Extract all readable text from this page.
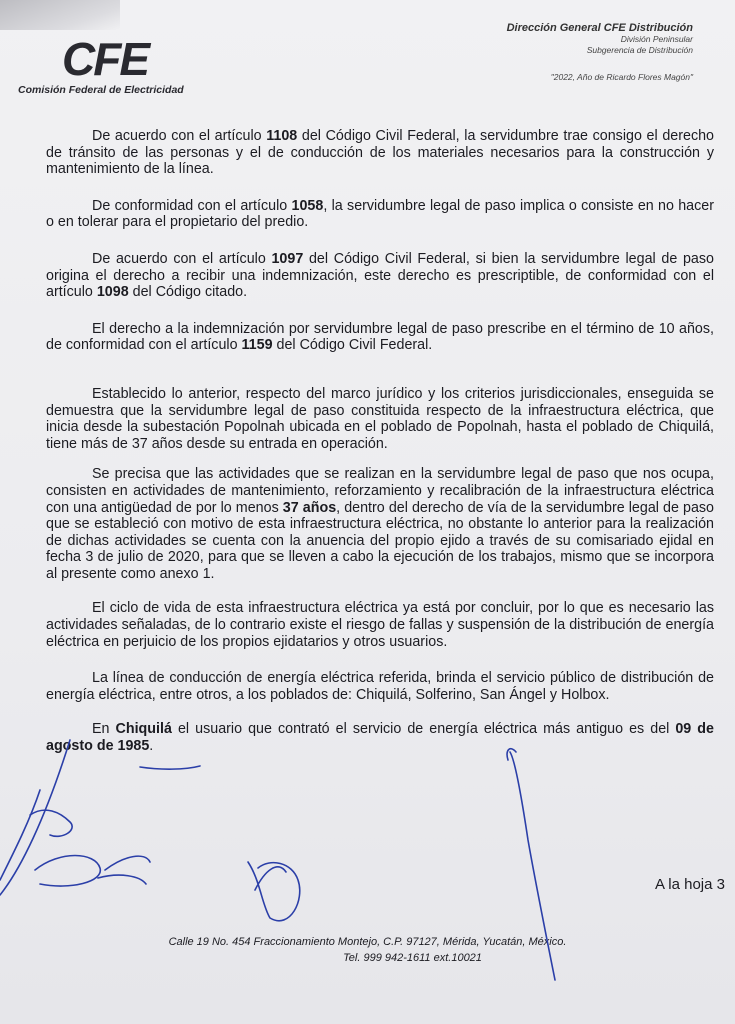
CFE
Comisión Federal de Electricidad
Dirección General CFE Distribución
División Peninsular
Subgerencia de Distribución
"2022, Año de Ricardo Flores Magón"

De acuerdo con el artículo 1108 del Código Civil Federal, la servidumbre trae consigo el derecho de tránsito de las personas y el de conducción de los materiales necesarios para la construcción y mantenimiento de la línea.

De conformidad con el artículo 1058, la servidumbre legal de paso implica o consiste en no hacer o en tolerar para el propietario del predio.

De acuerdo con el artículo 1097 del Código Civil Federal, si bien la servidumbre legal de paso origina el derecho a recibir una indemnización, este derecho es prescriptible, de conformidad con el artículo 1098 del Código citado.

El derecho a la indemnización por servidumbre legal de paso prescribe en el término de 10 años, de conformidad con el artículo 1159 del Código Civil Federal.

Establecido lo anterior, respecto del marco jurídico y los criterios jurisdiccionales, enseguida se demuestra que la servidumbre legal de paso constituida respecto de la infraestructura eléctrica, que inicia desde la subestación Popolnah ubicada en el poblado de Popolnah, hasta el poblado de Chiquilá, tiene más de 37 años desde su entrada en operación.

Se precisa que las actividades que se realizan en la servidumbre legal de paso que nos ocupa, consisten en actividades de mantenimiento, reforzamiento y recalibración de la infraestructura eléctrica con una antigüedad de por lo menos 37 años, dentro del derecho de vía de la servidumbre legal de paso que se estableció con motivo de esta infraestructura eléctrica, no obstante lo anterior para la realización de dichas actividades se cuenta con la anuencia del propio ejido a través de su comisariado ejidal en fecha 3 de julio de 2020, para que se lleven a cabo la ejecución de los trabajos, mismo que se incorpora al presente como anexo 1.

El ciclo de vida de esta infraestructura eléctrica ya está por concluir, por lo que es necesario las actividades señaladas, de lo contrario existe el riesgo de fallas y suspensión de la distribución de energía eléctrica en perjuicio de los propios ejidatarios y otros usuarios.

La línea de conducción de energía eléctrica referida, brinda el servicio público de distribución de energía eléctrica, entre otros, a los poblados de: Chiquilá, Solferino, San Ángel y Holbox.

En Chiquilá el usuario que contrató el servicio de energía eléctrica más antiguo es del 09 de agosto de 1985.

A la hoja 3
Calle 19 No. 454 Fraccionamiento Montejo, C.P. 97127, Mérida, Yucatán, México.
Tel. 999 942-1611 ext.10021
